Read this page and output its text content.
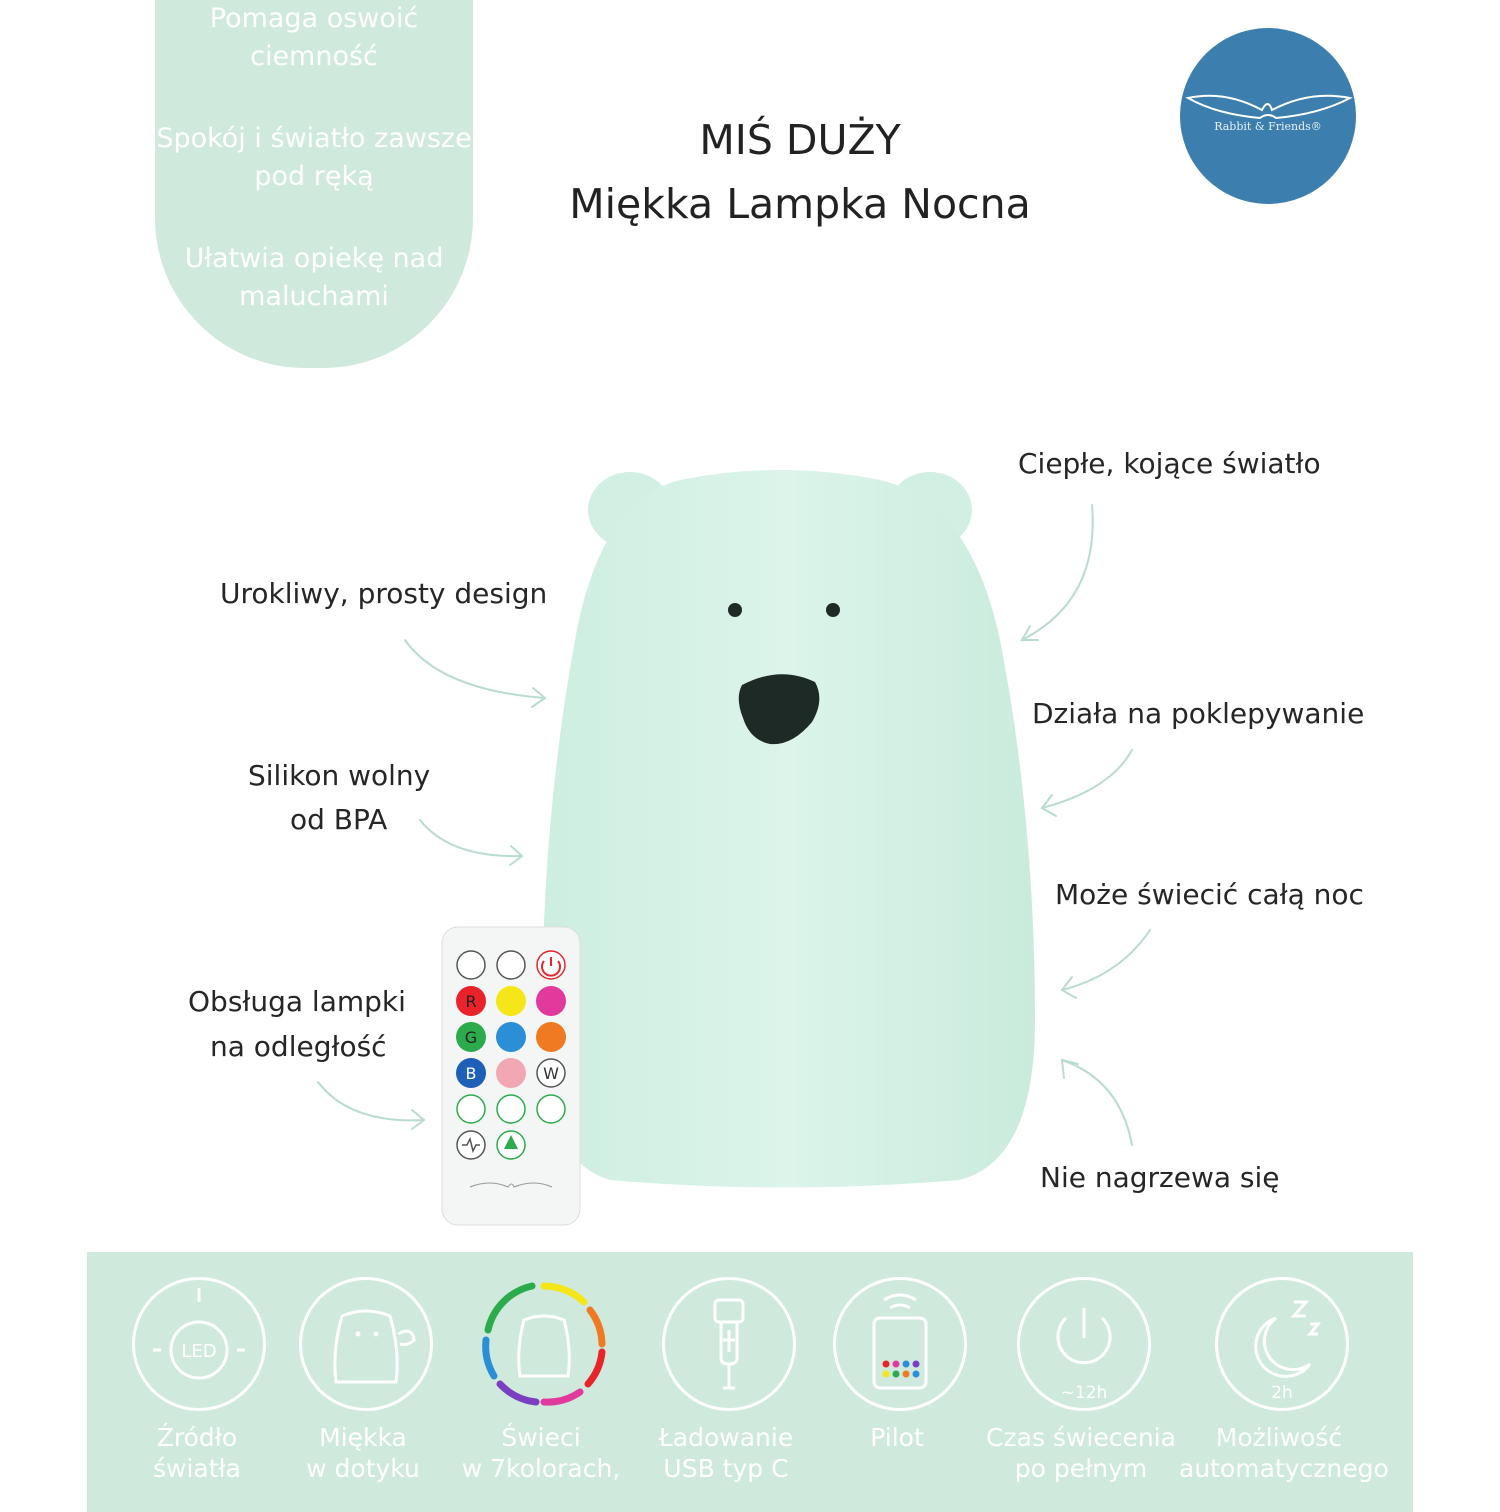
Pomaga oswoić ciemność
Spokój i światło zawsze pod ręką
Ułatwia opiekę nad maluchami
MIŚ DUŻY
Miękka Lampka Nocna
Rabbit & Friends®
R
G
B	W
Ciepłe, kojące światło
Urokliwy, prosty design
Działa na poklepywanie
Silikon wolny
od BPA
Może świecić całą noc
Obsługa lampki
na odległość
Nie nagrzewa się
LED
Źródło
światła
Miękka
w dotyku
Świeci
w 7kolorach,
Ładowanie
USB typ C
Pilot
~12h
Czas świecenia
po pełnym
2h
Możliwość
automatycznego
